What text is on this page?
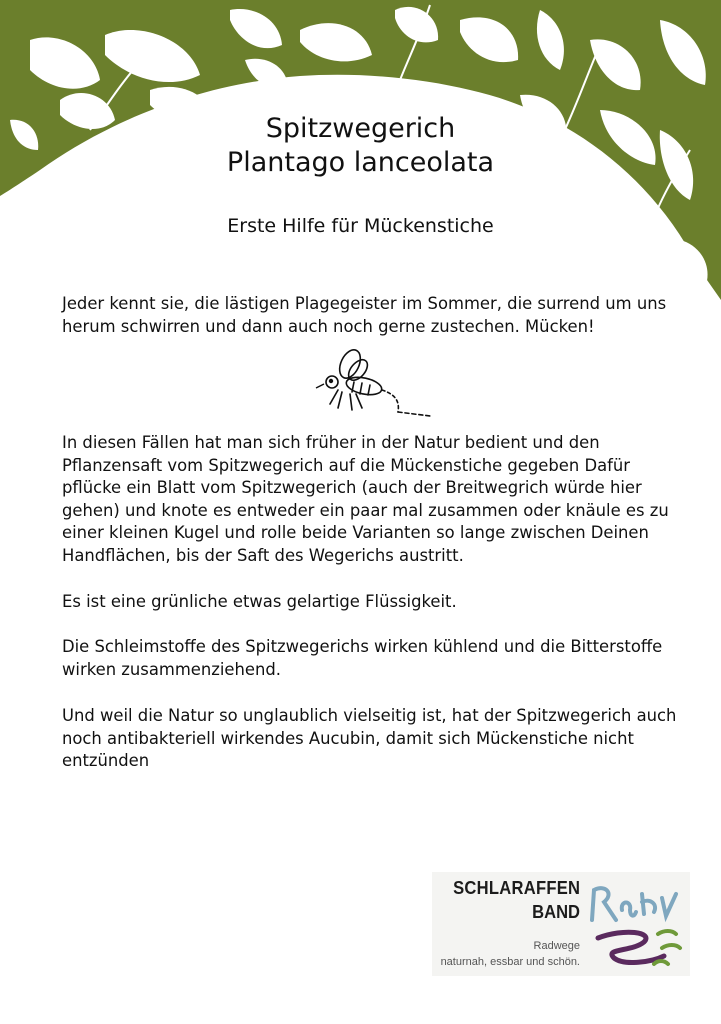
Spitzwegerich

Plantago lanceolata

Erste Hilfe für Mückenstiche

Jeder kennt sie, die lästigen Plagegeister im Sommer, die surrend um uns herum schwirren und dann auch noch gerne zustechen. Mücken!

In diesen Fällen hat man sich früher in der Natur bedient und den Pflanzensaft vom Spitzwegerich auf die Mückenstiche gegeben Dafür pflücke ein Blatt vom Spitzwegerich (auch der Breitwegrich würde hier gehen) und knote es entweder ein paar mal zusammen oder knäule es zu einer kleinen Kugel und rolle beide Varianten so lange zwischen Deinen Handflächen, bis der Saft des Wegerichs austritt.

Es ist eine grünliche etwas gelartige Flüssigkeit.

Die Schleimstoffe des Spitzwegerichs wirken kühlend und die Bitterstoffe wirken zusammenziehend.

Und weil die Natur so unglaublich vielseitig ist, hat der Spitzwegerich auch noch antibakteriell wirkendes Aucubin, damit sich Mückenstiche nicht entzünden

SCHLARAFFEN
BAND
Radwege
naturnah, essbar und schön.
